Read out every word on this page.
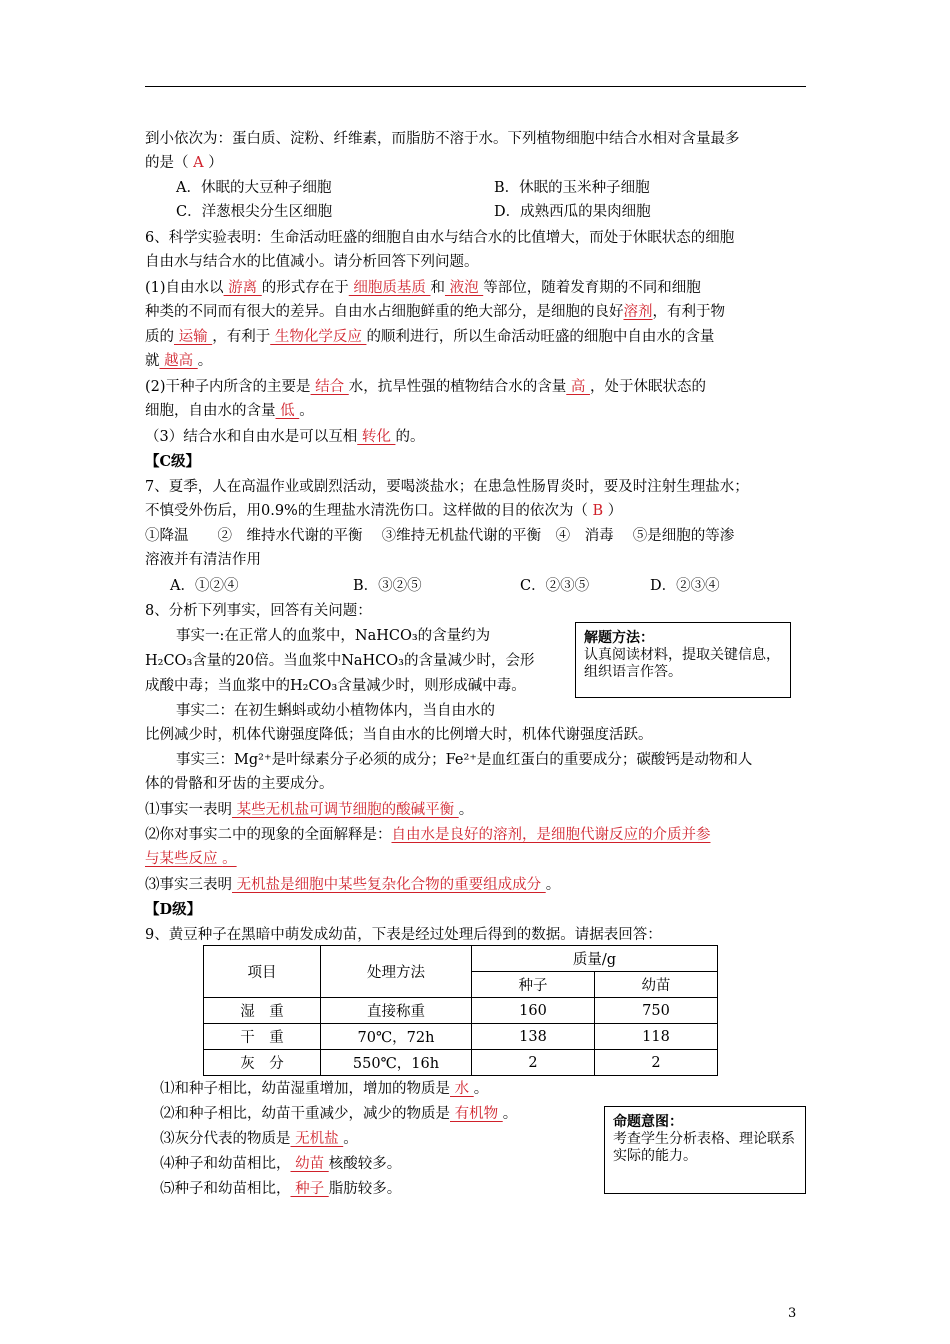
到小依次为：蛋白质、淀粉、纤维素，而脂肪不溶于水。下列植物细胞中结合水相对含量最多
的是（ A ）
A．休眠的大豆种子细胞	B．休眠的玉米种子细胞
C．洋葱根尖分生区细胞	D．成熟西瓜的果肉细胞
6、科学实验表明：生命活动旺盛的细胞自由水与结合水的比值增大，而处于休眠状态的细胞
自由水与结合水的比值减小。请分析回答下列问题。
(1)自由水以 游离 的形式存在于 细胞质基质 和 液泡 等部位，随着发育期的不同和细胞
种类的不同而有很大的差异。自由水占细胞鲜重的绝大部分，是细胞的良好溶剂，有利于物
质的 运输 ，有利于 生物化学反应 的顺利进行，所以生命活动旺盛的细胞中自由水的含量
就 越高 。
(2)干种子内所含的主要是 结合 水，抗旱性强的植物结合水的含量 高 ，处于休眠状态的
细胞，自由水的含量 低 。
（3）结合水和自由水是可以互相 转化 的。
【C级】
7、夏季，人在高温作业或剧烈活动，要喝淡盐水；在患急性肠胃炎时，要及时注射生理盐水；
不慎受外伤后，用0.9%的生理盐水清洗伤口。这样做的目的依次为（ B ）
①降温　　②　维持水代谢的平衡　 ③维持无机盐代谢的平衡　④　消毒　 ⑤是细胞的等渗
溶液并有清洁作用
A．①②④	B．③②⑤	C．②③⑤	D．②③④
8、分析下列事实，回答有关问题：
事实一:在正常人的血浆中，NaHCO₃的含量约为
H₂CO₃含量的20倍。当血浆中NaHCO₃的含量减少时，会形
成酸中毒；当血浆中的H₂CO₃含量减少时，则形成碱中毒。
事实二：在初生蝌蚪或幼小植物体内，当自由水的
比例减少时，机体代谢强度降低；当自由水的比例增大时，机体代谢强度活跃。
事实三：Mg²⁺是叶绿素分子必须的成分；Fe²⁺是血红蛋白的重要成分；碳酸钙是动物和人
体的骨骼和牙齿的主要成分。
⑴事实一表明 某些无机盐可调节细胞的酸碱平衡 。
⑵你对事实二中的现象的全面解释是：自由水是良好的溶剂，是细胞代谢反应的介质并参
与某些反应 。
⑶事实三表明 无机盐是细胞中某些复杂化合物的重要组成成分 。
解题方法：
认真阅读材料，提取关键信息，组织语言作答。
【D级】
9、黄豆种子在黑暗中萌发成幼苗，下表是经过处理后得到的数据。请据表回答：
项目	处理方法	质量/g	
		种子	幼苗
湿　重	直接称重	160	750
干　重	70℃，72h	138	118
灰　分	550℃，16h	2	2
⑴和种子相比，幼苗湿重增加，增加的物质是 水 。
⑵和种子相比，幼苗干重减少，减少的物质是 有机物 。
⑶灰分代表的物质是 无机盐 。
⑷种子和幼苗相比， 幼苗 核酸较多。
⑸种子和幼苗相比， 种子 脂肪较多。
命题意图：
考查学生分析表格、理论联系实际的能力。
3
